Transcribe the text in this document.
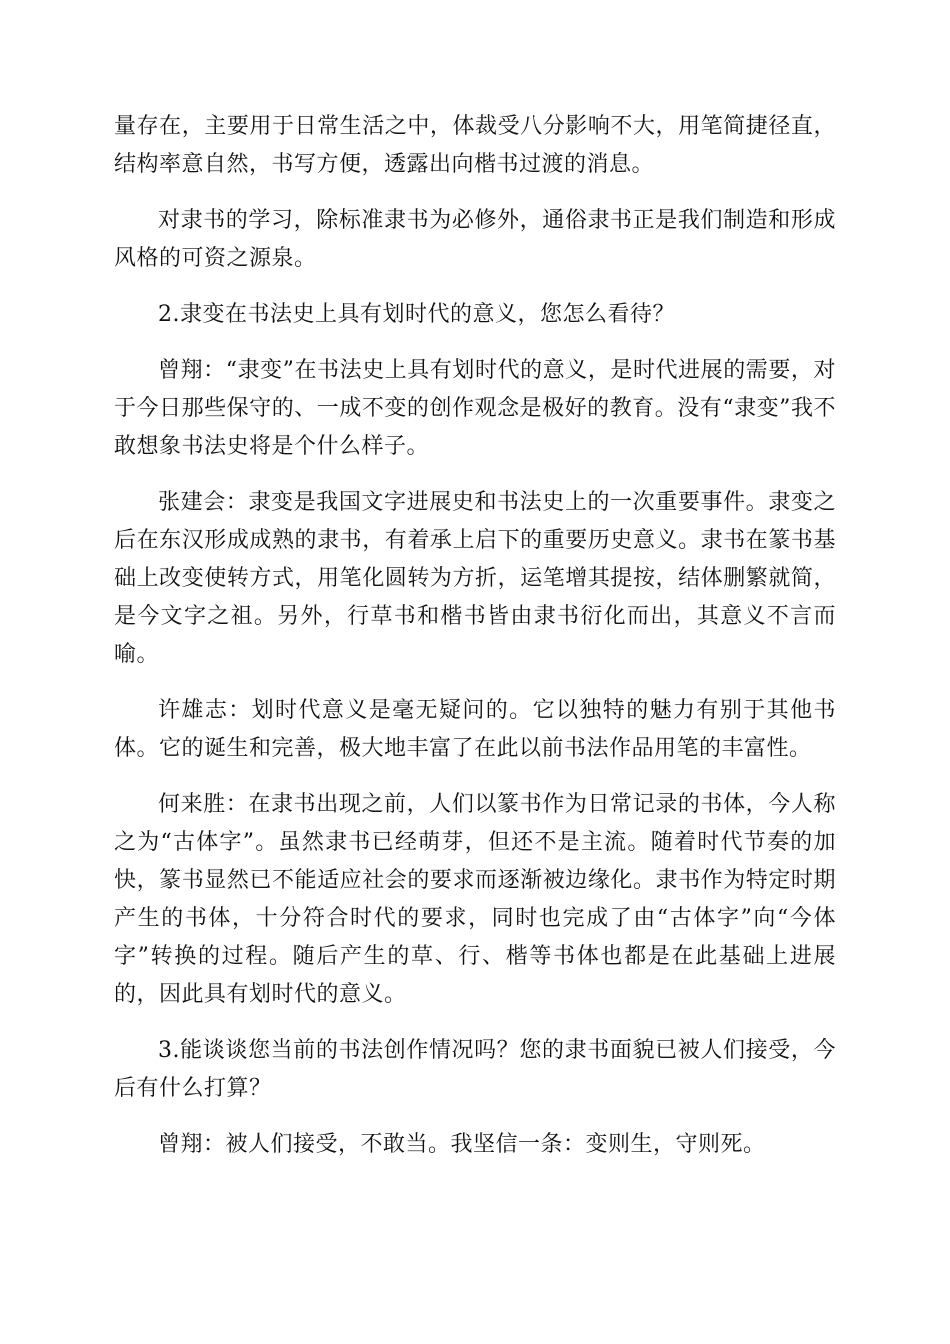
量存在，主要用于日常生活之中，体裁受八分影响不大，用笔简捷径直，结构率意自然，书写方便，透露出向楷书过渡的消息。

对隶书的学习，除标准隶书为必修外，通俗隶书正是我们制造和形成风格的可资之源泉。

2.隶变在书法史上具有划时代的意义，您怎么看待？

曾翔：“隶变”在书法史上具有划时代的意义，是时代进展的需要，对于今日那些保守的、一成不变的创作观念是极好的教育。没有“隶变”我不敢想象书法史将是个什么样子。

张建会：隶变是我国文字进展史和书法史上的一次重要事件。隶变之后在东汉形成成熟的隶书，有着承上启下的重要历史意义。隶书在篆书基础上改变使转方式，用笔化圆转为方折，运笔增其提按，结体删繁就简，是今文字之祖。另外，行草书和楷书皆由隶书衍化而出，其意义不言而喻。

许雄志：划时代意义是毫无疑问的。它以独特的魅力有别于其他书体。它的诞生和完善，极大地丰富了在此以前书法作品用笔的丰富性。

何来胜：在隶书出现之前，人们以篆书作为日常记录的书体，今人称之为“古体字”。虽然隶书已经萌芽，但还不是主流。随着时代节奏的加快，篆书显然已不能适应社会的要求而逐渐被边缘化。隶书作为特定时期产生的书体，十分符合时代的要求，同时也完成了由“古体字”向“今体字”转换的过程。随后产生的草、行、楷等书体也都是在此基础上进展的，因此具有划时代的意义。

3.能谈谈您当前的书法创作情况吗？您的隶书面貌已被人们接受，今后有什么打算？

曾翔：被人们接受，不敢当。我坚信一条：变则生，守则死。
